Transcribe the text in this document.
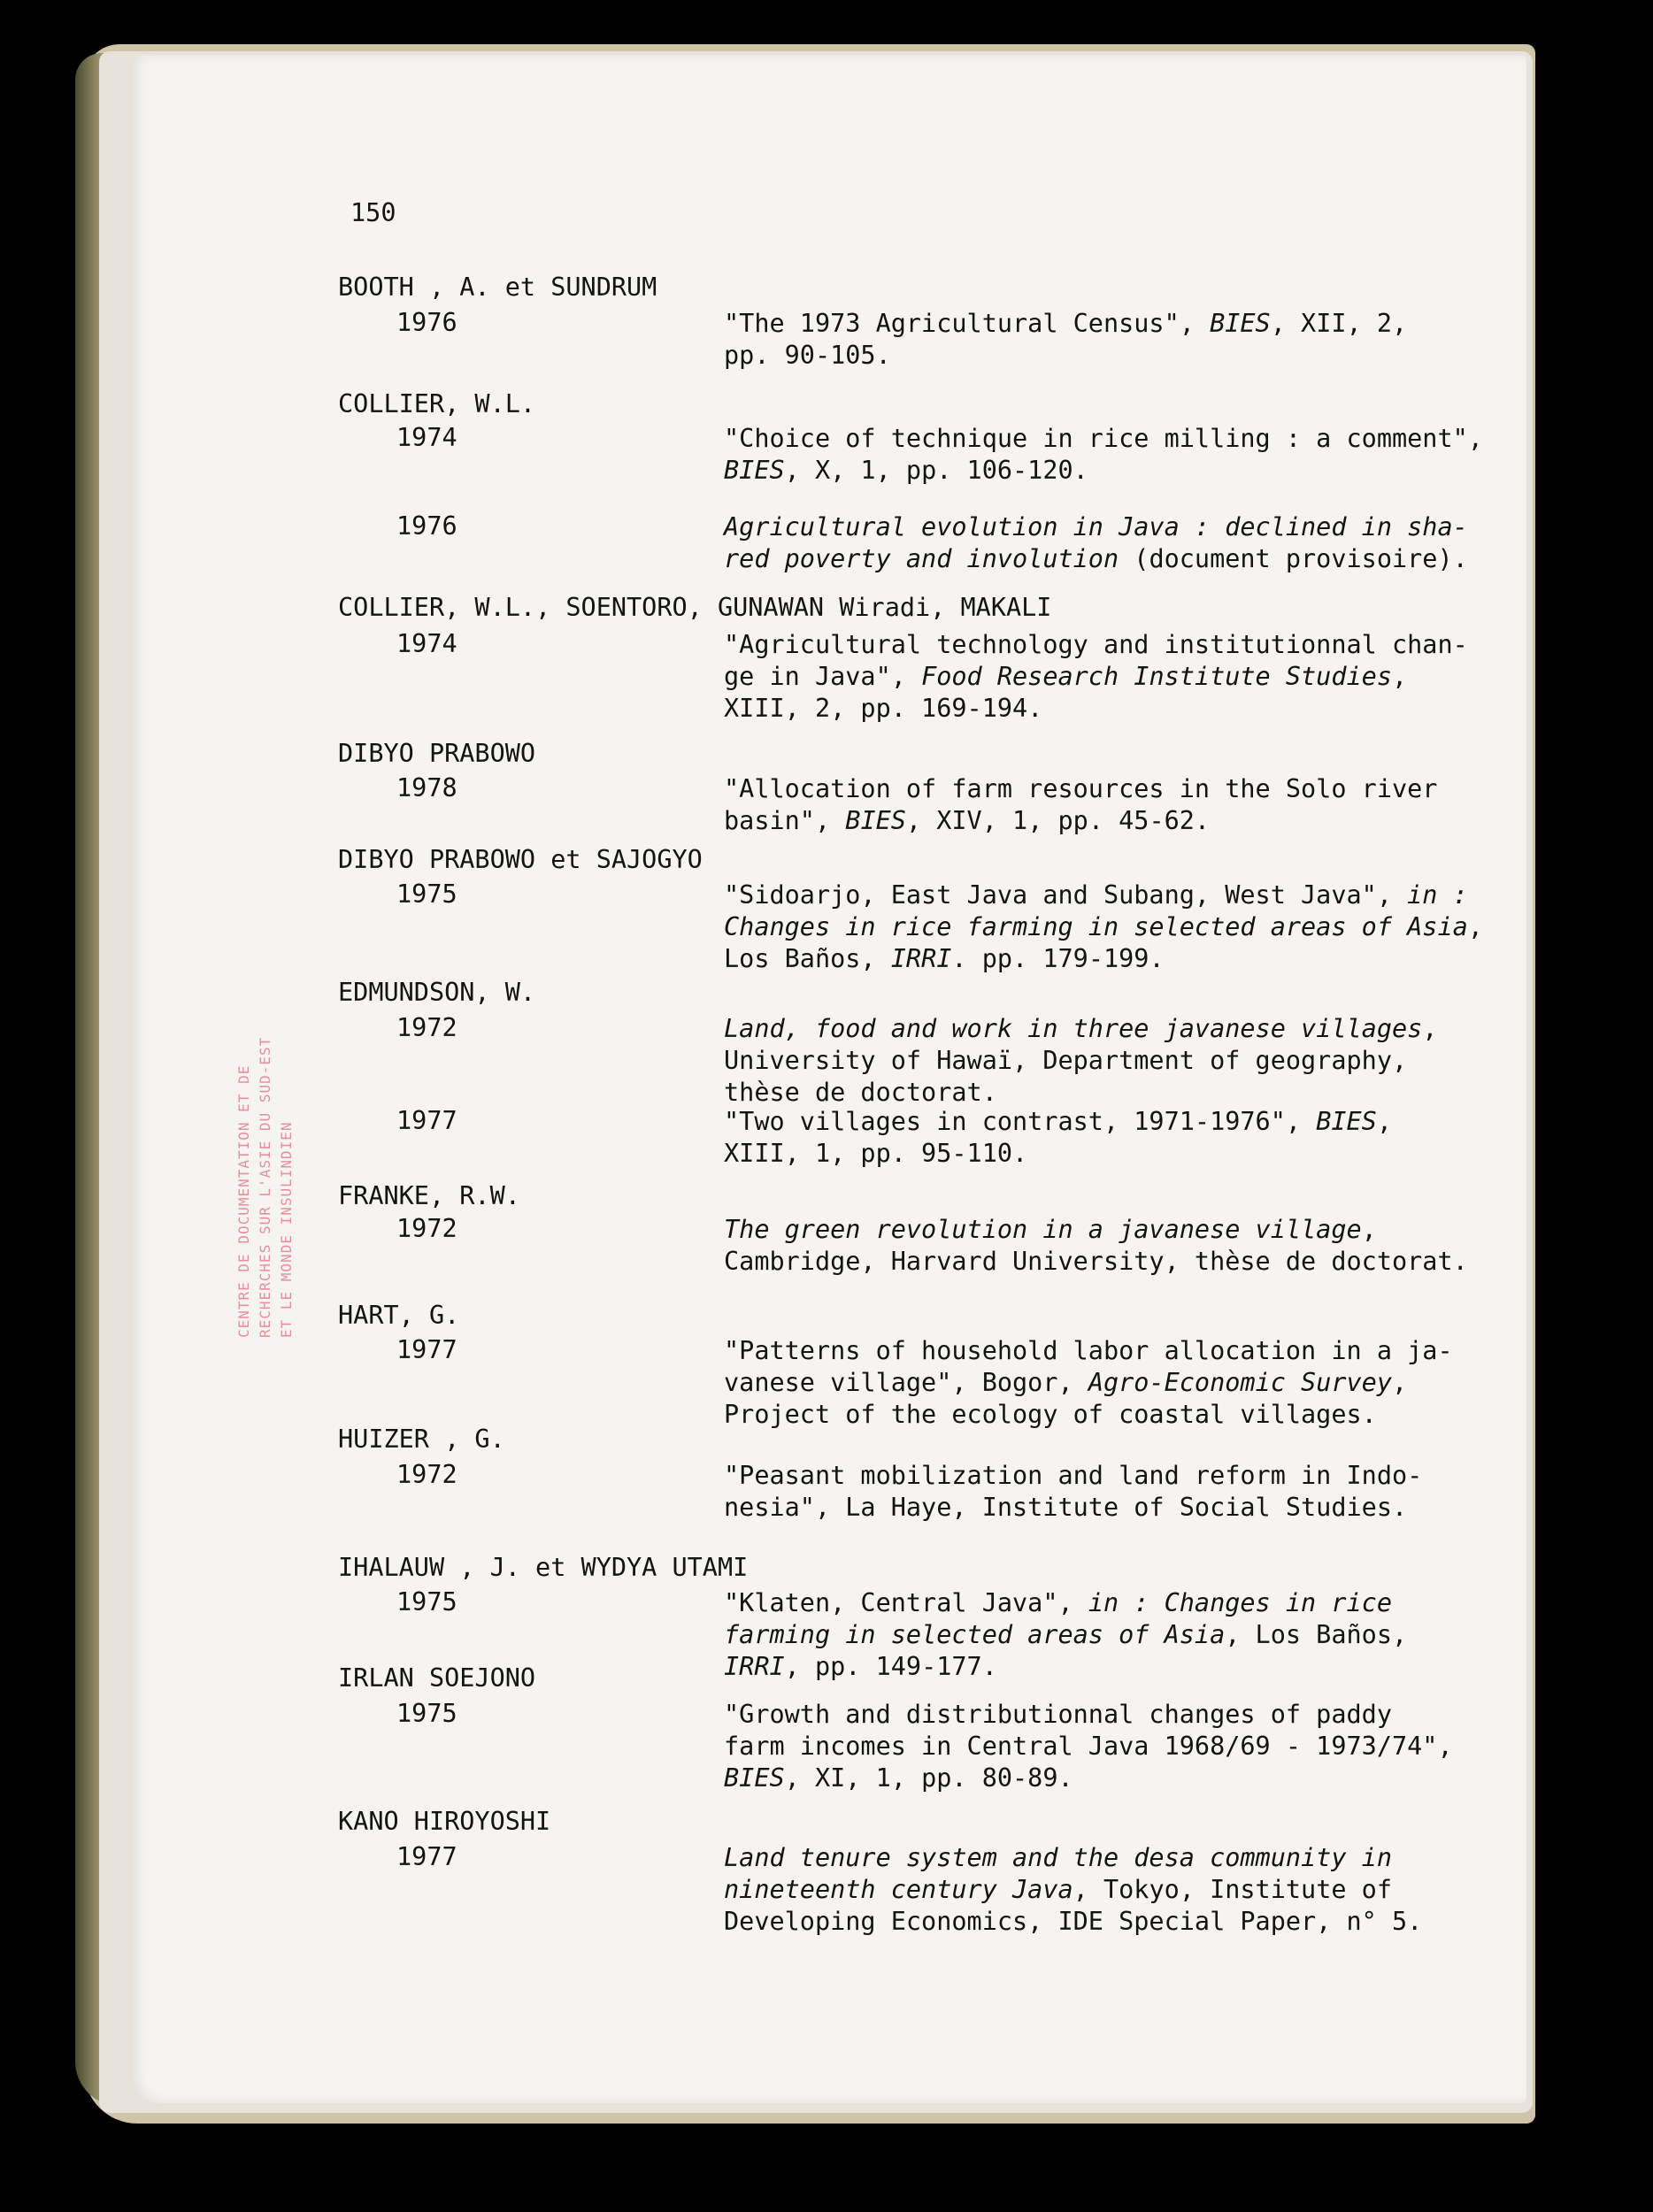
CENTRE DE DOCUMENTATION ET DE RECHERCHES SUR L'ASIE DU SUD-EST ET LE MONDE INSULINDIEN
150
BOOTH , A. et SUNDRUM
1976	"The 1973 Agricultural Census", BIES, XII, 2,
pp. 90-105.
COLLIER, W.L.
1974	"Choice of technique in rice milling : a comment",
BIES, X, 1, pp. 106-120.
1976	Agricultural evolution in Java : declined in sha-
red poverty and involution (document provisoire).
COLLIER, W.L., SOENTORO, GUNAWAN Wiradi, MAKALI
1974	"Agricultural technology and institutionnal chan-
ge in Java", Food Research Institute Studies,
XIII, 2, pp. 169-194.
DIBYO PRABOWO
1978	"Allocation of farm resources in the Solo river
basin", BIES, XIV, 1, pp. 45-62.
DIBYO PRABOWO et SAJOGYO
1975	"Sidoarjo, East Java and Subang, West Java", in :
Changes in rice farming in selected areas of Asia,
Los Baños, IRRI. pp. 179-199.
EDMUNDSON, W.
1972	Land, food and work in three javanese villages,
University of Hawaï, Department of geography,
thèse de doctorat.
1977	"Two villages in contrast, 1971-1976", BIES,
XIII, 1, pp. 95-110.
FRANKE, R.W.
1972	The green revolution in a javanese village,
Cambridge, Harvard University, thèse de doctorat.
HART, G.
1977	"Patterns of household labor allocation in a ja-
vanese village", Bogor, Agro-Economic Survey,
Project of the ecology of coastal villages.
HUIZER , G.
1972	"Peasant mobilization and land reform in Indo-
nesia", La Haye, Institute of Social Studies.
IHALAUW , J. et WYDYA UTAMI
1975	"Klaten, Central Java", in : Changes in rice
farming in selected areas of Asia, Los Baños,
IRRI, pp. 149-177.
IRLAN SOEJONO
1975	"Growth and distributionnal changes of paddy
farm incomes in Central Java 1968/69 - 1973/74",
BIES, XI, 1, pp. 80-89.
KANO HIROYOSHI
1977	Land tenure system and the desa community in
nineteenth century Java, Tokyo, Institute of
Developing Economics, IDE Special Paper, n° 5.
